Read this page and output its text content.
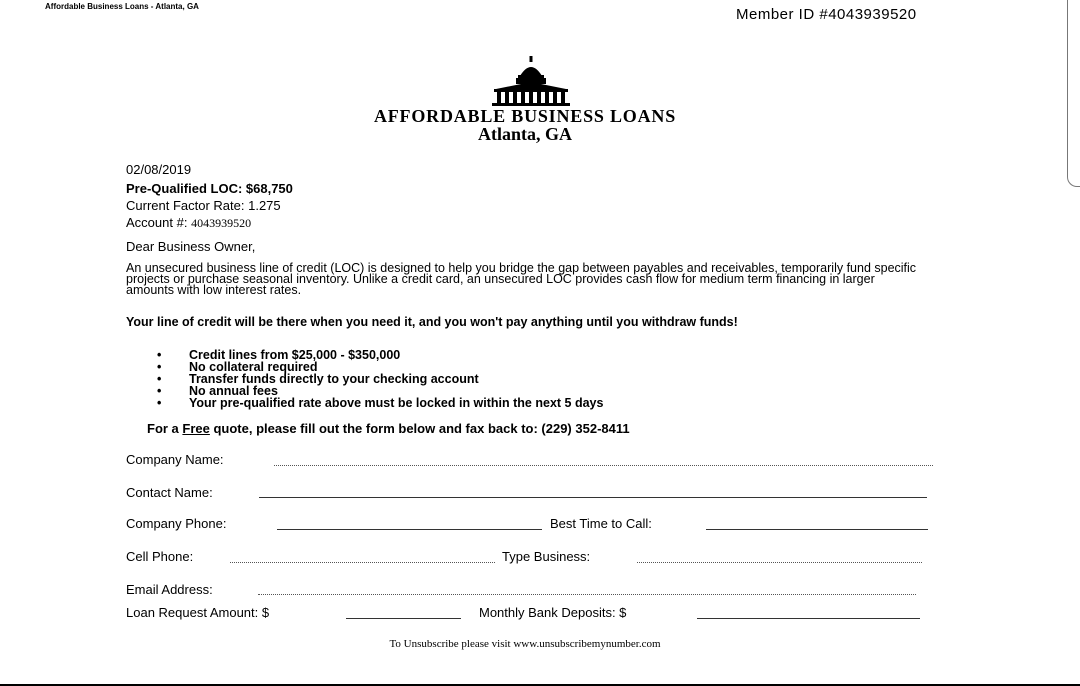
Affordable Business Loans - Atlanta, GA	Member ID #4043939520
AFFORDABLE BUSINESS LOANS
Atlanta, GA
02/08/2019
Pre-Qualified LOC: $68,750
Current Factor Rate: 1.275
Account #: 4043939520
Dear Business Owner,
An unsecured business line of credit (LOC) is designed to help you bridge the gap between payables and receivables, temporarily fund specific projects or purchase seasonal inventory. Unlike a credit card, an unsecured LOC provides cash flow for medium term financing in larger amounts with low interest rates.
Your line of credit will be there when you need it, and you won't pay anything until you withdraw funds!
• Credit lines from $25,000 - $350,000
• No collateral required
• Transfer funds directly to your checking account
• No annual fees
• Your pre-qualified rate above must be locked in within the next 5 days
For a Free quote, please fill out the form below and fax back to: (229) 352-8411
Company Name:
Contact Name:
Company Phone:	Best Time to Call:
Cell Phone:	Type Business:
Email Address:
Loan Request Amount: $	Monthly Bank Deposits: $
To Unsubscribe please visit www.unsubscribemynumber.com
